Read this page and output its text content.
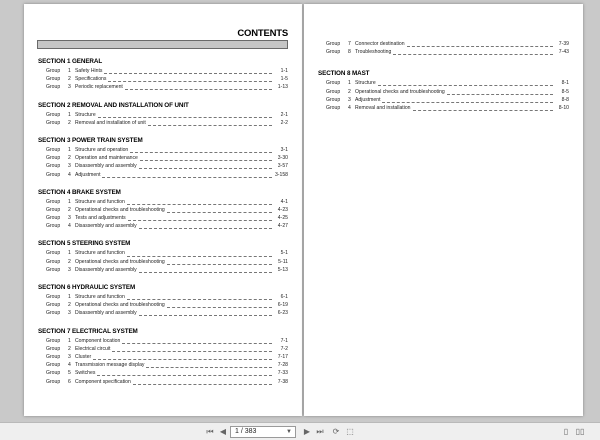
CONTENTS
SECTION 1 GENERAL
Group	1 Safety Hints	1-1
Group	2 Specifications	1-5
Group	3 Periodic replacement	1-13
SECTION 2 REMOVAL AND INSTALLATION OF UNIT
Group	1 Structure	2-1
Group	2 Removal and installation of unit	2-2
SECTION 3 POWER TRAIN SYSTEM
Group	1 Structure and operation	3-1
Group	2 Operation and maintenance	3-30
Group	3 Disassembly and assembly	3-57
Group	4 Adjustment	3-158
SECTION 4 BRAKE SYSTEM
Group	1 Structure and function	4-1
Group	2 Operational checks and troubleshooting	4-23
Group	3 Tests and adjustments	4-25
Group	4 Disassembly and assembly	4-27
SECTION 5 STEERING SYSTEM
Group	1 Structure and function	5-1
Group	2 Operational checks and troubleshooting	5-11
Group	3 Disassembly and assembly	5-13
SECTION 6 HYDRAULIC SYSTEM
Group	1 Structure and function	6-1
Group	2 Operational checks and troubleshooting	6-19
Group	3 Disassembly and assembly	6-23
SECTION 7 ELECTRICAL SYSTEM
Group	1 Component location	7-1
Group	2 Electrical circuit	7-2
Group	3 Cluster	7-17
Group	4 Transmission message display	7-28
Group	5 Switches	7-33
Group	6 Component specification	7-38
Group	7 Connector destination	7-39
Group	8 Troubleshooting	7-43
SECTION 8 MAST
Group	1 Structure	8-1
Group	2 Operational checks and troubleshooting	8-5
Group	3 Adjustment	8-8
Group	4 Removal and installation	8-10
⏮ ◀	1 / 383	▼	▶ ⏭	⟳ ⬚	▯ ▯▯
